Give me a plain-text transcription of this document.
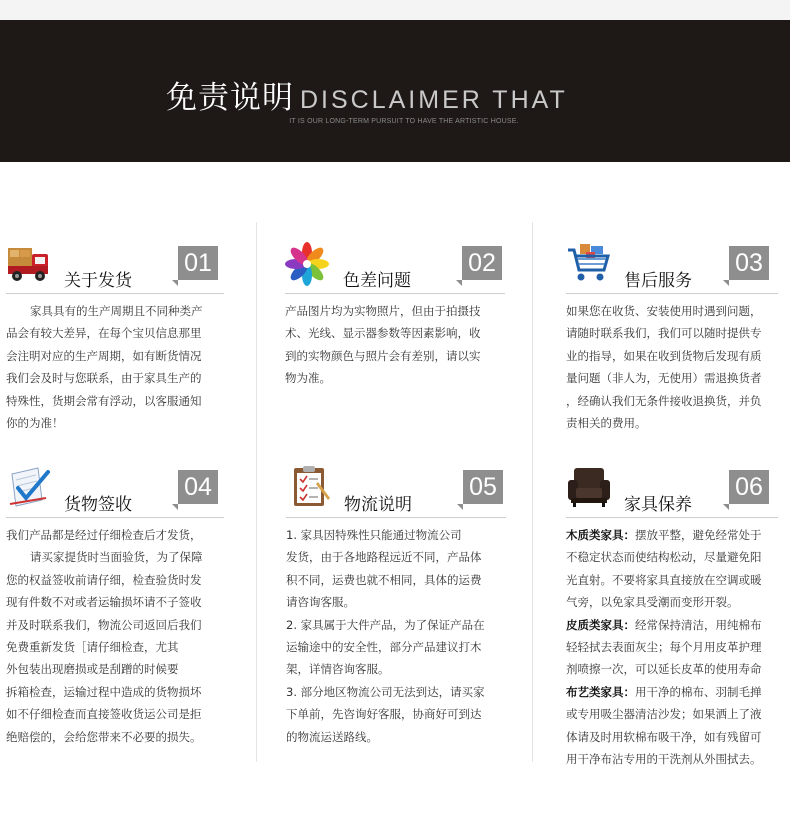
免责说明 DISCLAIMER THAT
IT IS OUR LONG-TERM PURSUIT TO HAVE THE ARTISTIC HOUSE.
关于发货
01

家具具有的生产周期且不同种类产

品会有较大差异，在每个宝贝信息那里

会注明对应的生产周期，如有断货情况

我们会及时与您联系，由于家具生产的

特殊性，货期会常有浮动，以客服通知

你的为准！

色差问题
02

产品图片均为实物照片，但由于拍摄技

术、光线、显示器参数等因素影响，收

到的实物颜色与照片会有差别，请以实

物为准。

售后服务
03

如果您在收货、安装使用时遇到问题，

请随时联系我们，我们可以随时提供专

业的指导，如果在收到货物后发现有质

量问题（非人为，无使用）需退换货者

，经确认我们无条件接收退换货，并负

责相关的费用。

货物签收
04

我们产品都是经过仔细检查后才发货，

请买家提货时当面验货，为了保障

您的权益签收前请仔细，检查验货时发

现有件数不对或者运输损坏请不子签收

并及时联系我们，物流公司返回后我们

免费重新发货［请仔细检查，尤其

外包装出现磨损或是刮蹭的时候要

拆箱检查，运输过程中造成的货物损坏

如不仔细检查而直接签收货运公司是拒

绝赔偿的，会给您带来不必要的损失。

物流说明
05

1. 家具因特殊性只能通过物流公司

发货，由于各地路程远近不同，产品体

积不同，运费也就不相同，具体的运费

请咨询客服。

2. 家具属于大件产品，为了保证产品在

运输途中的安全性，部分产品建议打木

架，详情咨询客服。

3. 部分地区物流公司无法到达，请买家

下单前，先咨询好客服，协商好可到达

的物流运送路线。

家具保养
06

木质类家具：摆放平整，避免经常处于

不稳定状态而使结构松动，尽量避免阳

光直射。不要将家具直接放在空调或暖

气旁，以免家具受潮而变形开裂。

皮质类家具：经常保持清洁，用纯棉布

轻轻拭去表面灰尘；每个月用皮革护理

剂喷擦一次，可以延长皮革的使用寿命

布艺类家具：用干净的棉布、羽制毛掸

或专用吸尘器清洁沙发；如果洒上了液

体请及时用软棉布吸干净，如有残留可

用干净布沾专用的干洗剂从外围拭去。
